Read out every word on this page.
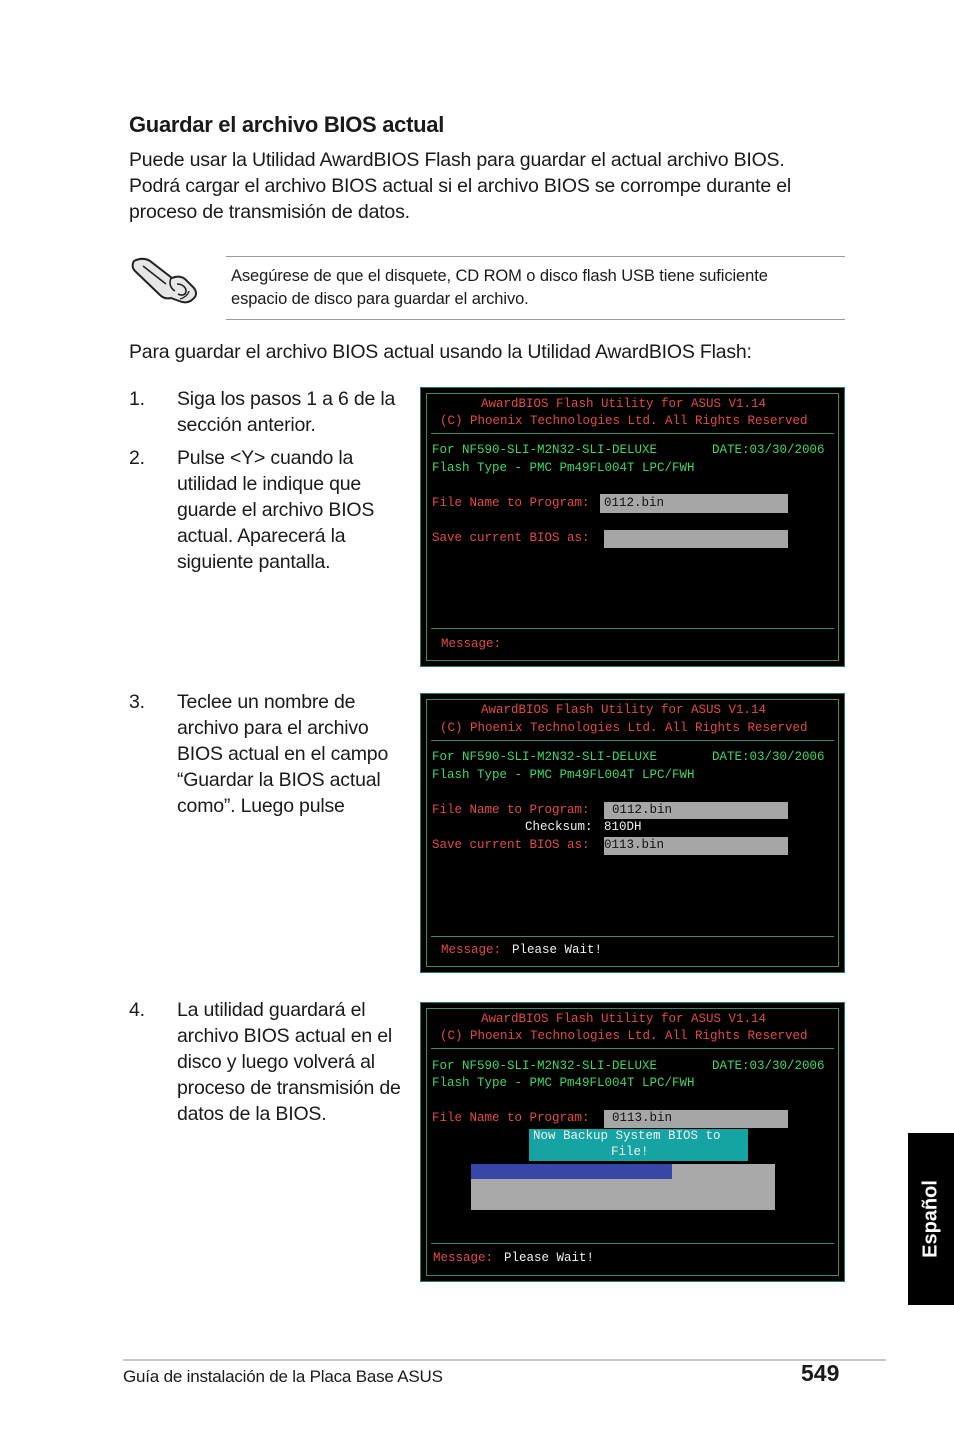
Guardar el archivo BIOS actual
Puede usar la Utilidad AwardBIOS Flash para guardar el actual archivo BIOS.
Podrá cargar el archivo BIOS actual si el archivo BIOS se corrompe durante el
proceso de transmisión de datos.
Asegúrese de que el disquete, CD ROM o disco flash USB tiene suficiente
espacio de disco para guardar el archivo.
Para guardar el archivo BIOS actual usando la Utilidad AwardBIOS Flash:
1. Siga los pasos 1 a 6 de la
sección anterior.
2. Pulse <Y> cuando la
utilidad le indique que
guarde el archivo BIOS
actual. Aparecerá la
siguiente pantalla.
3. Teclee un nombre de
archivo para el archivo
BIOS actual en el campo
“Guardar la BIOS actual
como”. Luego pulse
4. La utilidad guardará el
archivo BIOS actual en el
disco y luego volverá al
proceso de transmisión de
datos de la BIOS.
AwardBIOS Flash Utility for ASUS V1.14
(C) Phoenix Technologies Ltd. All Rights Reserved
For NF590-SLI-M2N32-SLI-DELUXE	DATE:03/30/2006
Flash Type - PMC Pm49FL004T LPC/FWH
File Name to Program: 0112.bin
Save current BIOS as:
Message:
AwardBIOS Flash Utility for ASUS V1.14
(C) Phoenix Technologies Ltd. All Rights Reserved
For NF590-SLI-M2N32-SLI-DELUXE	DATE:03/30/2006
Flash Type - PMC Pm49FL004T LPC/FWH
File Name to Program: 0112.bin
Checksum: 810DH
Save current BIOS as: 0113.bin
Message: Please Wait!
AwardBIOS Flash Utility for ASUS V1.14
(C) Phoenix Technologies Ltd. All Rights Reserved
For NF590-SLI-M2N32-SLI-DELUXE	DATE:03/30/2006
Flash Type - PMC Pm49FL004T LPC/FWH
File Name to Program: 0113.bin
Now Backup System BIOS to
File!
Message: Please Wait!
Español
Guía de instalación de la Placa Base ASUS	549
